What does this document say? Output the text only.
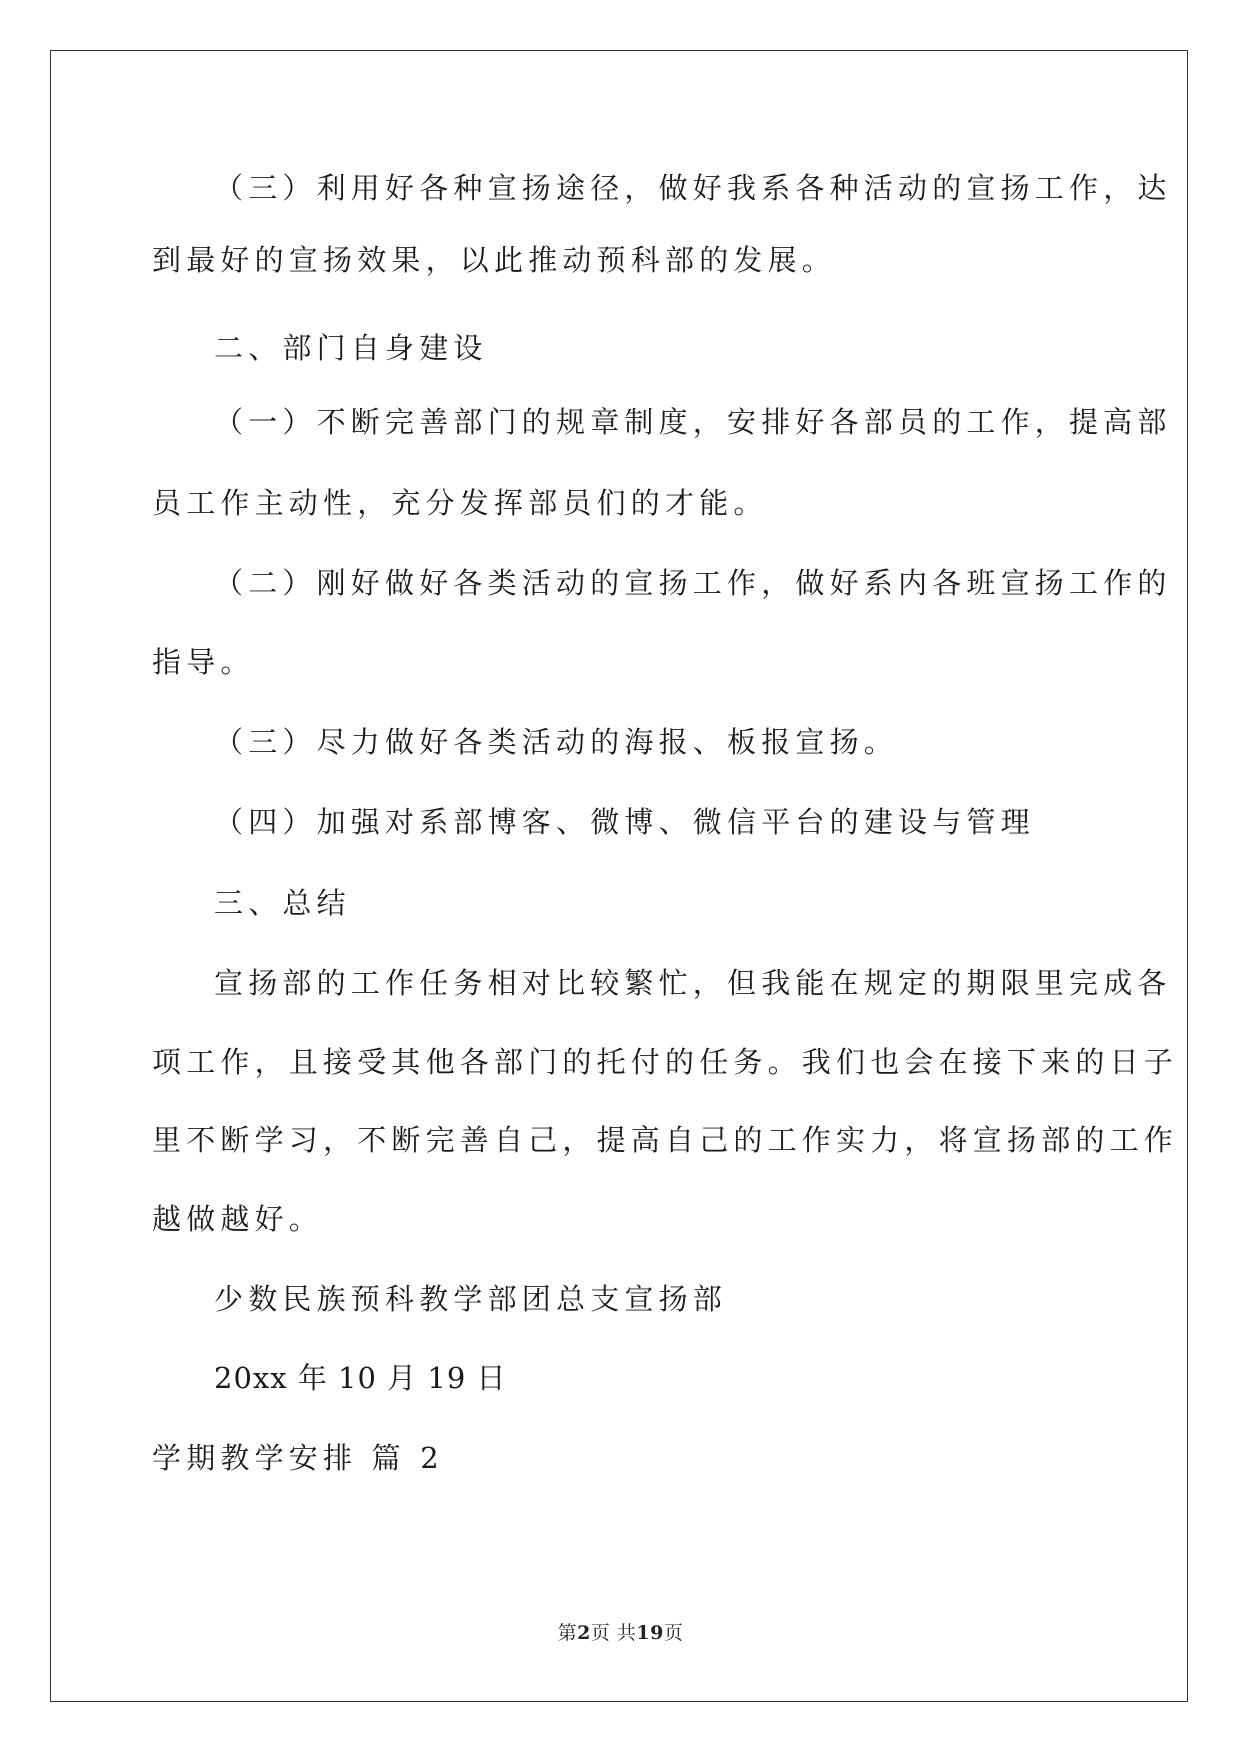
（三）利用好各种宣扬途径，做好我系各种活动的宣扬工作，达
到最好的宣扬效果，以此推动预科部的发展。
二、部门自身建设
（一）不断完善部门的规章制度，安排好各部员的工作，提高部
员工作主动性，充分发挥部员们的才能。
（二）刚好做好各类活动的宣扬工作，做好系内各班宣扬工作的
指导。
（三）尽力做好各类活动的海报、板报宣扬。
（四）加强对系部博客、微博、微信平台的建设与管理
三、总结
宣扬部的工作任务相对比较繁忙，但我能在规定的期限里完成各
项工作，且接受其他各部门的托付的任务。我们也会在接下来的日子
里不断学习，不断完善自己，提高自己的工作实力，将宣扬部的工作
越做越好。
少数民族预科教学部团总支宣扬部
20xx 年 10 月 19 日
学期教学安排 篇 2
第2页 共19页
